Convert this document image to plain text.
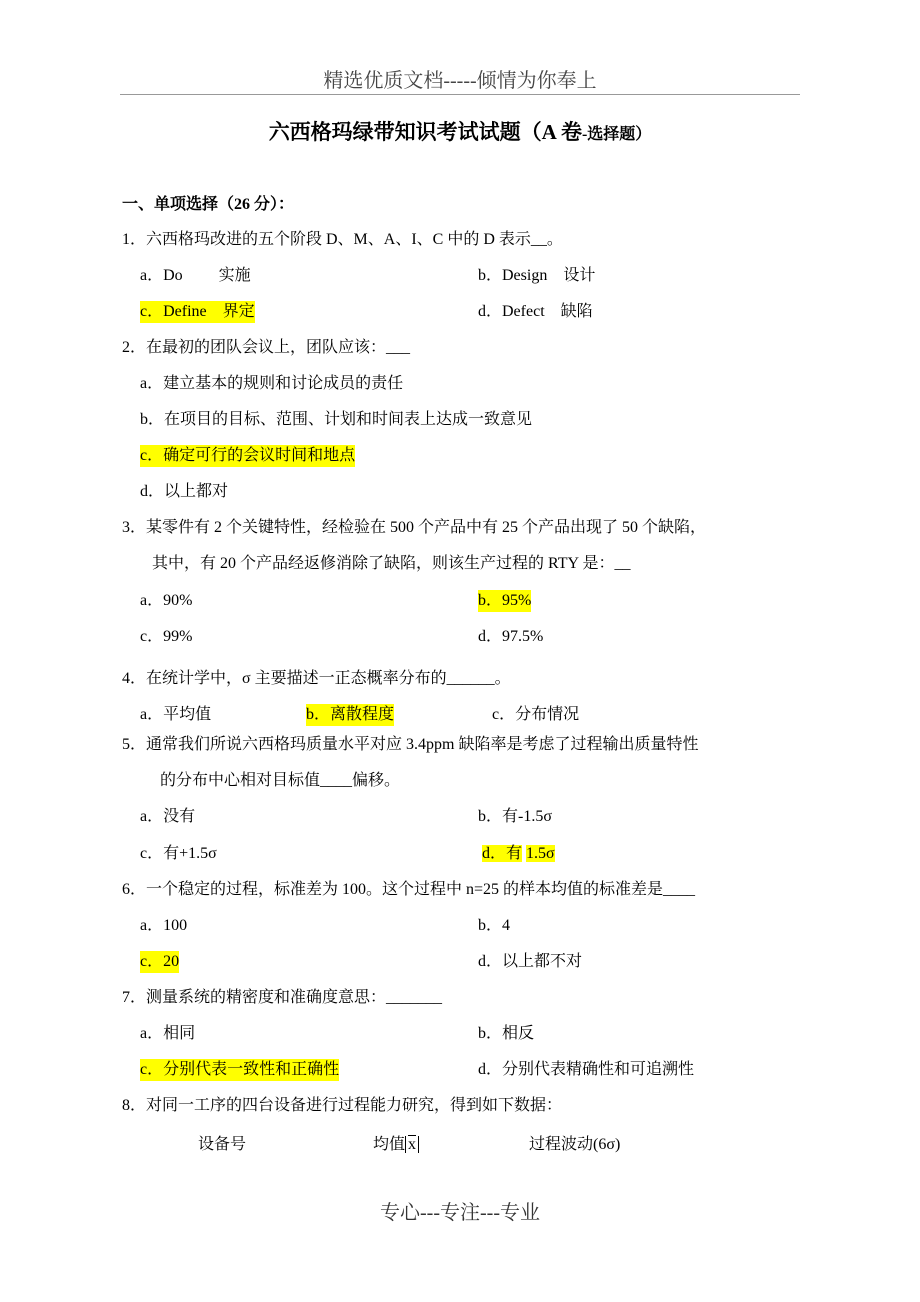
精选优质文档-----倾情为你奉上
六西格玛绿带知识考试试题（A 卷-选择题）
一、单项选择（26 分）：
1．六西格玛改进的五个阶段 D、M、A、I、C 中的 D 表示__。
a．Do　　 实施	b．Design　设计
c．Define　界定	d．Defect　缺陷
2．在最初的团队会议上，团队应该：___
a．建立基本的规则和讨论成员的责任
b．在项目的目标、范围、计划和时间表上达成一致意见
c．确定可行的会议时间和地点
d．以上都对
3．某零件有 2 个关键特性，经检验在 500 个产品中有 25 个产品出现了 50 个缺陷，
其中，有 20 个产品经返修消除了缺陷，则该生产过程的 RTY 是：__
a．90%	b．95%
c．99%	d．97.5%
4．在统计学中，σ 主要描述一正态概率分布的______。
a．平均值	b．离散程度	c．分布情况
5．通常我们所说六西格玛质量水平对应 3.4ppm 缺陷率是考虑了过程输出质量特性
的分布中心相对目标值____偏移。
a．没有	b．有-1.5σ
c．有+1.5σ	d．有 1.5σ
6．一个稳定的过程，标准差为 100。这个过程中 n=25 的样本均值的标准差是____
a．100	b．4
c．20	d．以上都不对
7．测量系统的精密度和准确度意思：_______
a．相同	b．相反
c．分别代表一致性和正确性	d．分别代表精确性和可追溯性
8．对同一工序的四台设备进行过程能力研究，得到如下数据：
设备号	均值 $\overline{x}$	过程波动(6σ)
专心---专注---专业
